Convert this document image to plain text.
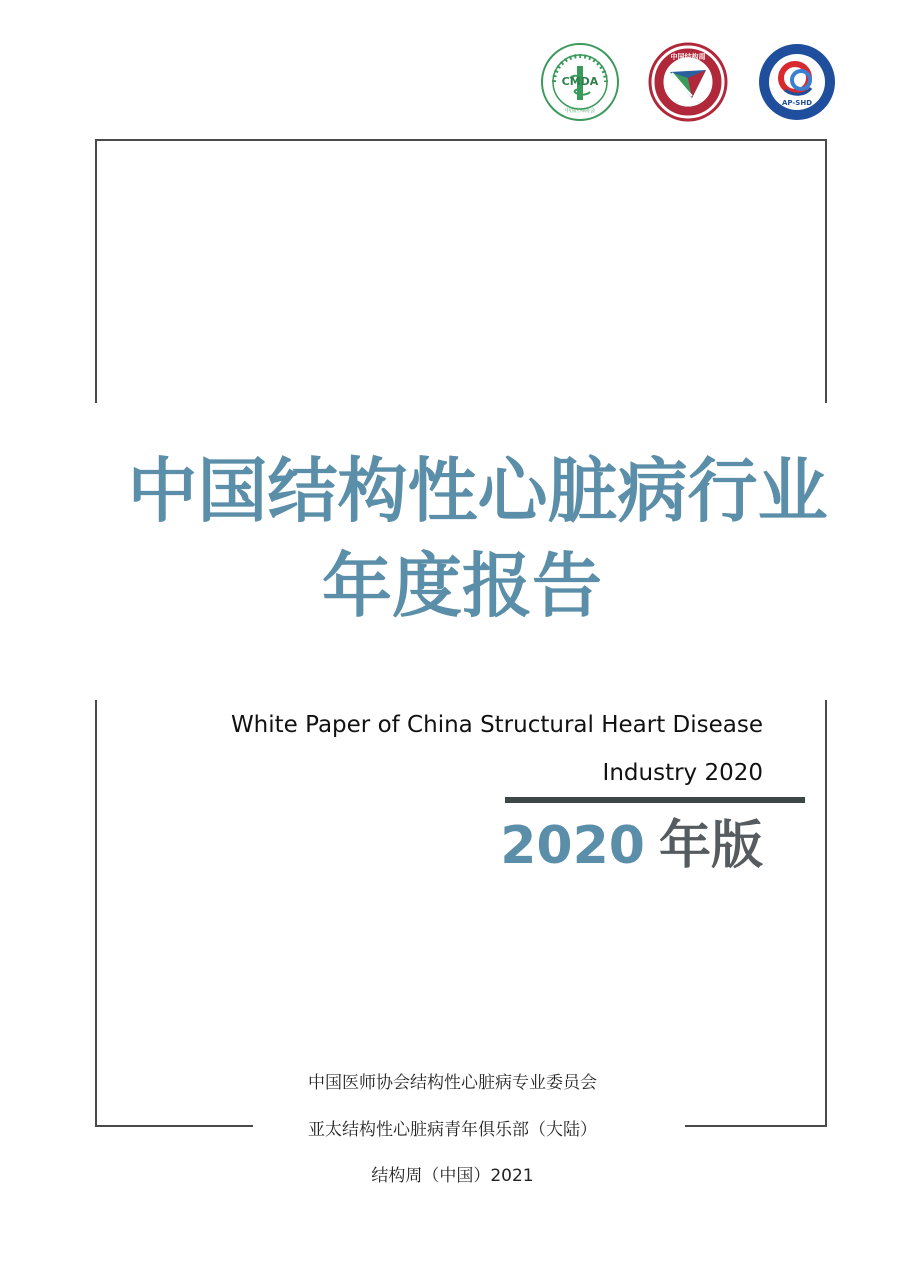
CMDA
中国医师协会
中国结构周
AP-SHD
中国结构性心脏病行业
年度报告
White Paper of China Structural Heart Disease
Industry 2020
2020 年版
中国医师协会结构性心脏病专业委员会
亚太结构性心脏病青年俱乐部（大陆）
结构周（中国）2021
